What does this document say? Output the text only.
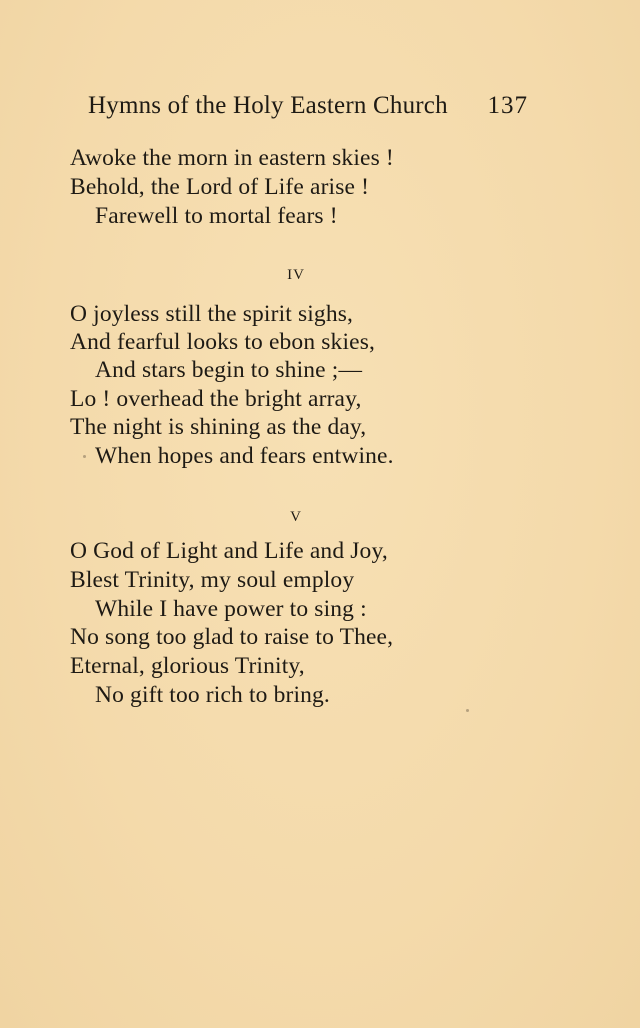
Hymns of the Holy Eastern Church 137
Awoke the morn in eastern skies !
Behold, the Lord of Life arise !
Farewell to mortal fears !
IV
O joyless still the spirit sighs,
And fearful looks to ebon skies,
And stars begin to shine ;—
Lo ! overhead the bright array,
The night is shining as the day,
When hopes and fears entwine.
V
O God of Light and Life and Joy,
Blest Trinity, my soul employ
While I have power to sing :
No song too glad to raise to Thee,
Eternal, glorious Trinity,
No gift too rich to bring.
